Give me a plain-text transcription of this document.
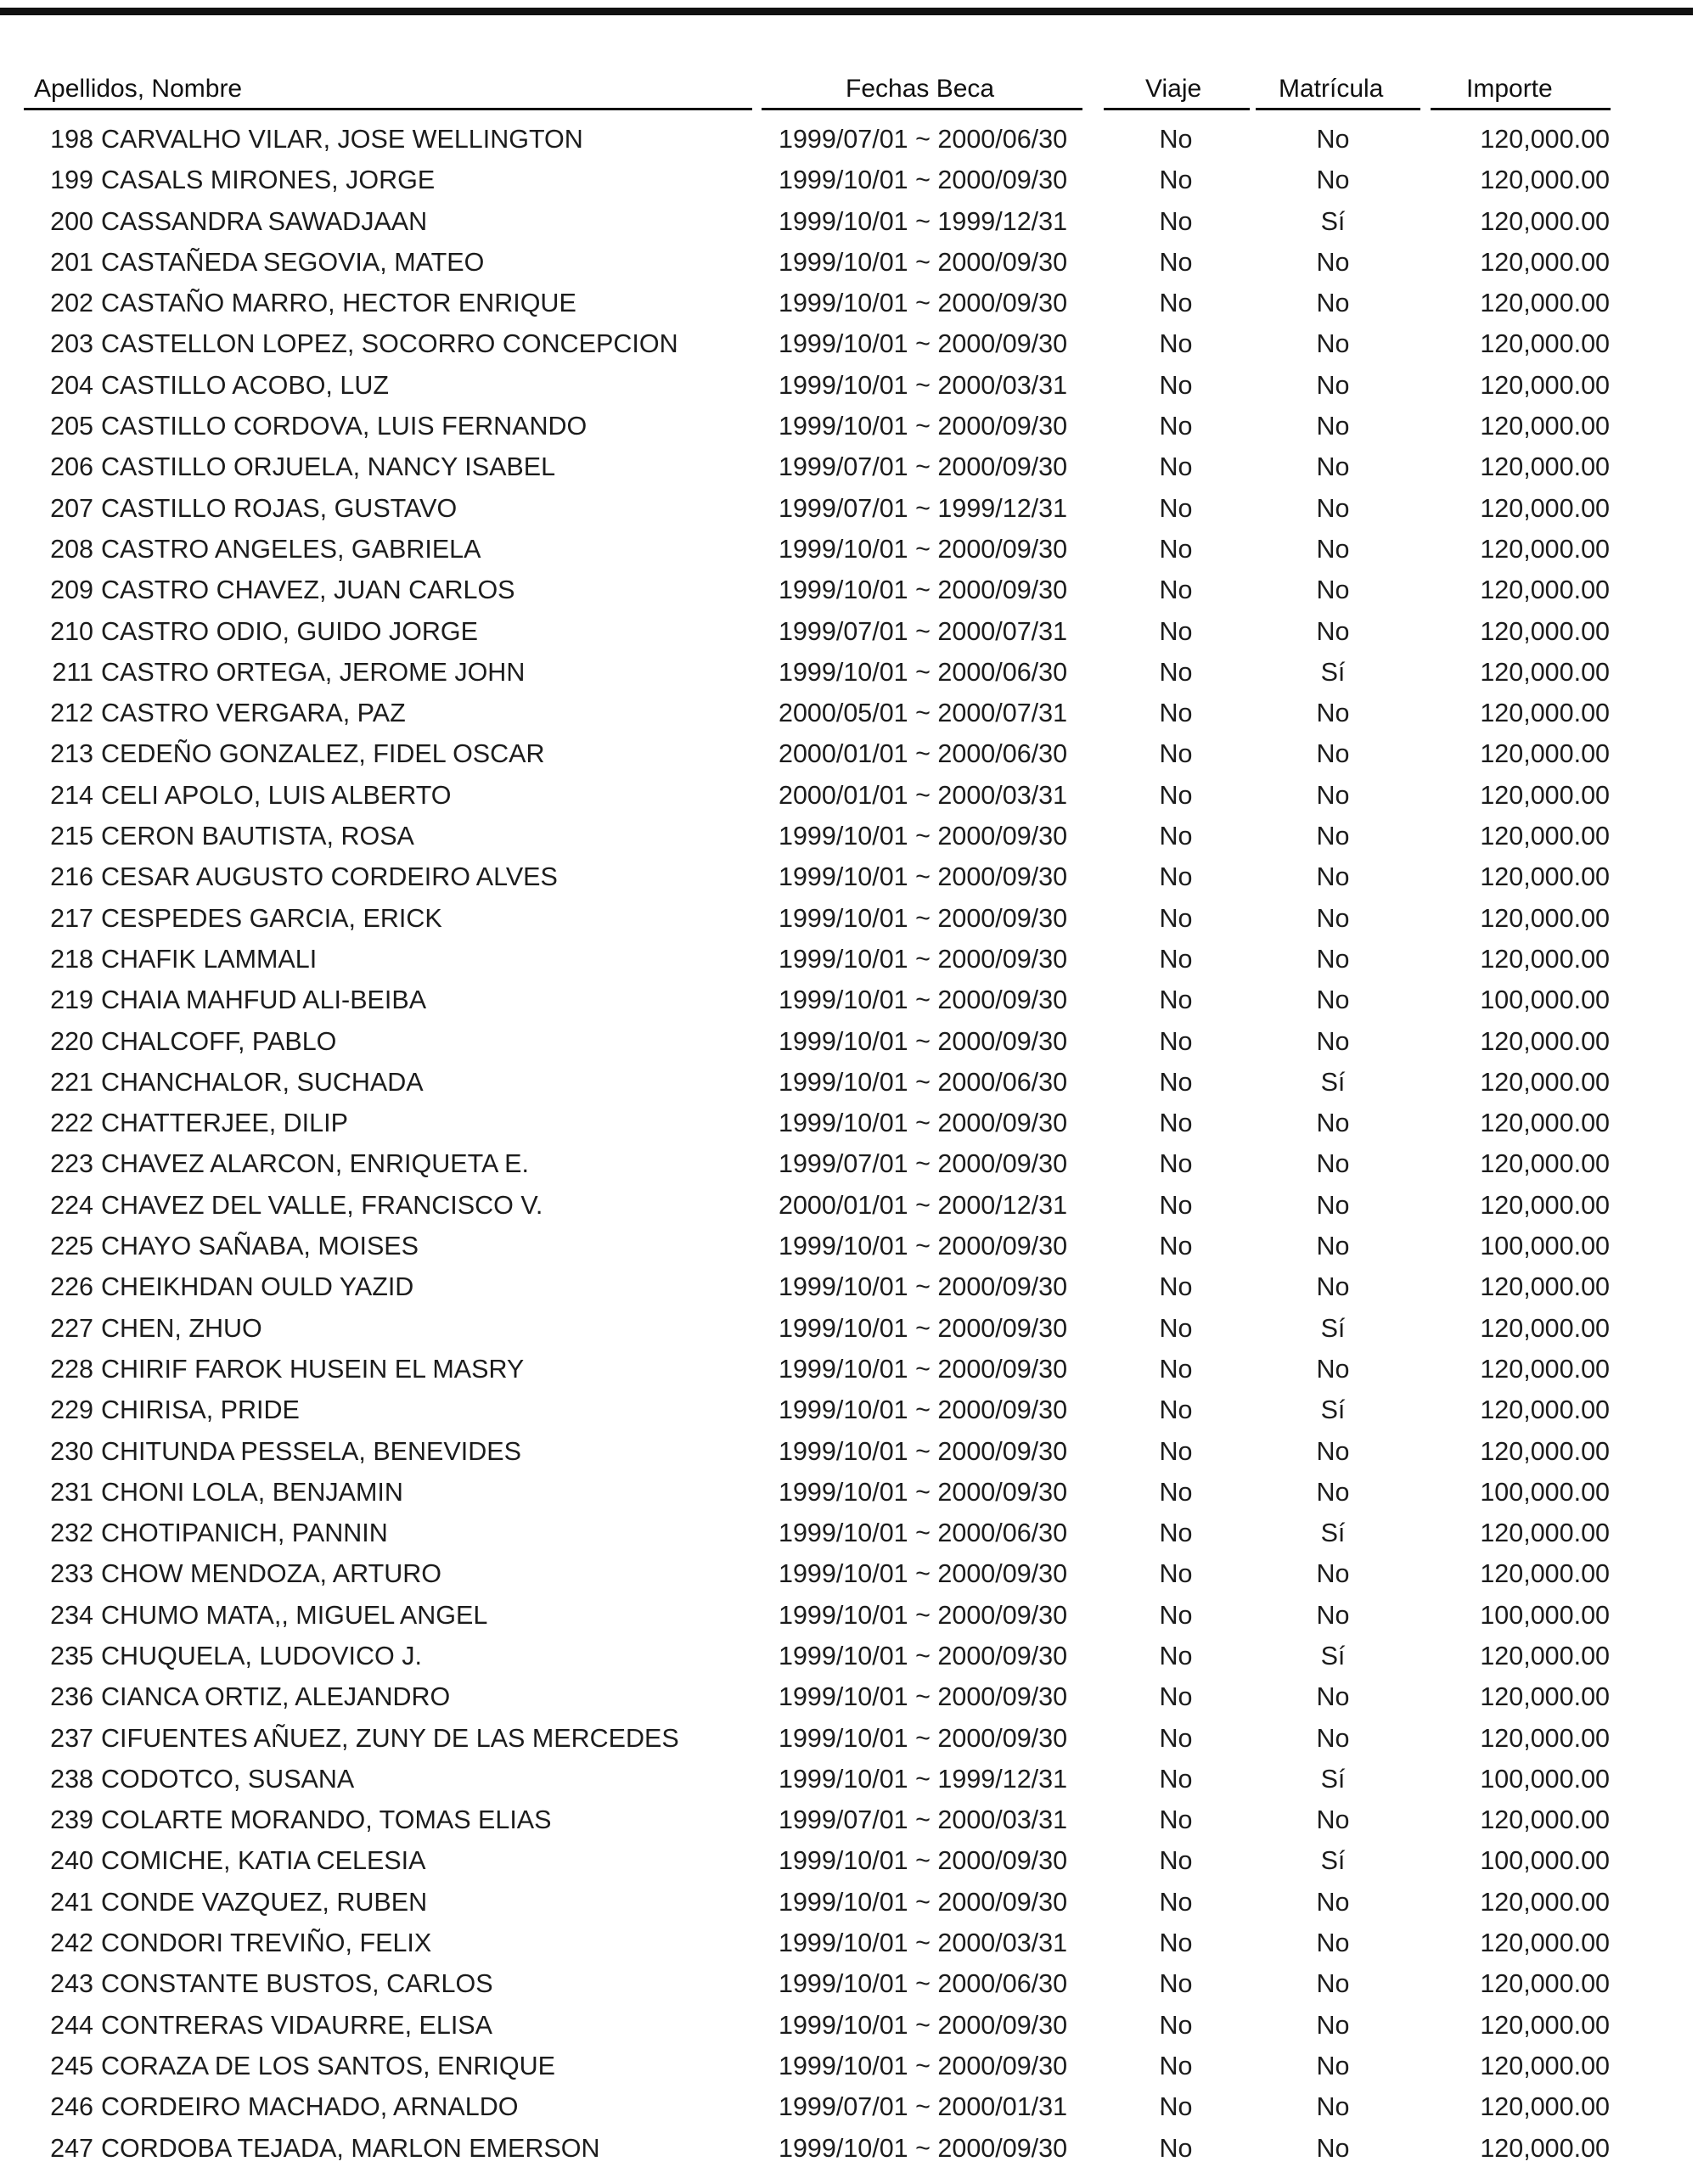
Apellidos, Nombre	Fechas Beca	Viaje	Matrícula	Importe
198 CARVALHO VILAR, JOSE WELLINGTON	1999/07/01 ~ 2000/06/30	No	No	120,000.00
199 CASALS MIRONES, JORGE	1999/10/01 ~ 2000/09/30	No	No	120,000.00
200 CASSANDRA SAWADJAAN	1999/10/01 ~ 1999/12/31	No	Sí	120,000.00
201 CASTAÑEDA SEGOVIA, MATEO	1999/10/01 ~ 2000/09/30	No	No	120,000.00
202 CASTAÑO MARRO, HECTOR ENRIQUE	1999/10/01 ~ 2000/09/30	No	No	120,000.00
203 CASTELLON LOPEZ, SOCORRO CONCEPCION	1999/10/01 ~ 2000/09/30	No	No	120,000.00
204 CASTILLO ACOBO, LUZ	1999/10/01 ~ 2000/03/31	No	No	120,000.00
205 CASTILLO CORDOVA, LUIS FERNANDO	1999/10/01 ~ 2000/09/30	No	No	120,000.00
206 CASTILLO ORJUELA, NANCY ISABEL	1999/07/01 ~ 2000/09/30	No	No	120,000.00
207 CASTILLO ROJAS, GUSTAVO	1999/07/01 ~ 1999/12/31	No	No	120,000.00
208 CASTRO ANGELES, GABRIELA	1999/10/01 ~ 2000/09/30	No	No	120,000.00
209 CASTRO CHAVEZ, JUAN CARLOS	1999/10/01 ~ 2000/09/30	No	No	120,000.00
210 CASTRO ODIO, GUIDO JORGE	1999/07/01 ~ 2000/07/31	No	No	120,000.00
211 CASTRO ORTEGA, JEROME JOHN	1999/10/01 ~ 2000/06/30	No	Sí	120,000.00
212 CASTRO VERGARA, PAZ	2000/05/01 ~ 2000/07/31	No	No	120,000.00
213 CEDEÑO GONZALEZ, FIDEL OSCAR	2000/01/01 ~ 2000/06/30	No	No	120,000.00
214 CELI APOLO, LUIS ALBERTO	2000/01/01 ~ 2000/03/31	No	No	120,000.00
215 CERON BAUTISTA, ROSA	1999/10/01 ~ 2000/09/30	No	No	120,000.00
216 CESAR AUGUSTO CORDEIRO ALVES	1999/10/01 ~ 2000/09/30	No	No	120,000.00
217 CESPEDES GARCIA, ERICK	1999/10/01 ~ 2000/09/30	No	No	120,000.00
218 CHAFIK LAMMALI	1999/10/01 ~ 2000/09/30	No	No	120,000.00
219 CHAIA MAHFUD ALI-BEIBA	1999/10/01 ~ 2000/09/30	No	No	100,000.00
220 CHALCOFF, PABLO	1999/10/01 ~ 2000/09/30	No	No	120,000.00
221 CHANCHALOR, SUCHADA	1999/10/01 ~ 2000/06/30	No	Sí	120,000.00
222 CHATTERJEE, DILIP	1999/10/01 ~ 2000/09/30	No	No	120,000.00
223 CHAVEZ ALARCON, ENRIQUETA E.	1999/07/01 ~ 2000/09/30	No	No	120,000.00
224 CHAVEZ DEL VALLE, FRANCISCO V.	2000/01/01 ~ 2000/12/31	No	No	120,000.00
225 CHAYO SAÑABA, MOISES	1999/10/01 ~ 2000/09/30	No	No	100,000.00
226 CHEIKHDAN OULD YAZID	1999/10/01 ~ 2000/09/30	No	No	120,000.00
227 CHEN, ZHUO	1999/10/01 ~ 2000/09/30	No	Sí	120,000.00
228 CHIRIF FAROK HUSEIN EL MASRY	1999/10/01 ~ 2000/09/30	No	No	120,000.00
229 CHIRISA, PRIDE	1999/10/01 ~ 2000/09/30	No	Sí	120,000.00
230 CHITUNDA PESSELA, BENEVIDES	1999/10/01 ~ 2000/09/30	No	No	120,000.00
231 CHONI LOLA, BENJAMIN	1999/10/01 ~ 2000/09/30	No	No	100,000.00
232 CHOTIPANICH, PANNIN	1999/10/01 ~ 2000/06/30	No	Sí	120,000.00
233 CHOW MENDOZA, ARTURO	1999/10/01 ~ 2000/09/30	No	No	120,000.00
234 CHUMO MATA,, MIGUEL ANGEL	1999/10/01 ~ 2000/09/30	No	No	100,000.00
235 CHUQUELA, LUDOVICO J.	1999/10/01 ~ 2000/09/30	No	Sí	120,000.00
236 CIANCA ORTIZ, ALEJANDRO	1999/10/01 ~ 2000/09/30	No	No	120,000.00
237 CIFUENTES AÑUEZ, ZUNY DE LAS MERCEDES	1999/10/01 ~ 2000/09/30	No	No	120,000.00
238 CODOTCO, SUSANA	1999/10/01 ~ 1999/12/31	No	Sí	100,000.00
239 COLARTE MORANDO, TOMAS ELIAS	1999/07/01 ~ 2000/03/31	No	No	120,000.00
240 COMICHE, KATIA CELESIA	1999/10/01 ~ 2000/09/30	No	Sí	100,000.00
241 CONDE VAZQUEZ, RUBEN	1999/10/01 ~ 2000/09/30	No	No	120,000.00
242 CONDORI TREVIÑO, FELIX	1999/10/01 ~ 2000/03/31	No	No	120,000.00
243 CONSTANTE BUSTOS, CARLOS	1999/10/01 ~ 2000/06/30	No	No	120,000.00
244 CONTRERAS VIDAURRE, ELISA	1999/10/01 ~ 2000/09/30	No	No	120,000.00
245 CORAZA DE LOS SANTOS, ENRIQUE	1999/10/01 ~ 2000/09/30	No	No	120,000.00
246 CORDEIRO MACHADO, ARNALDO	1999/07/01 ~ 2000/01/31	No	No	120,000.00
247 CORDOBA TEJADA, MARLON EMERSON	1999/10/01 ~ 2000/09/30	No	No	120,000.00
